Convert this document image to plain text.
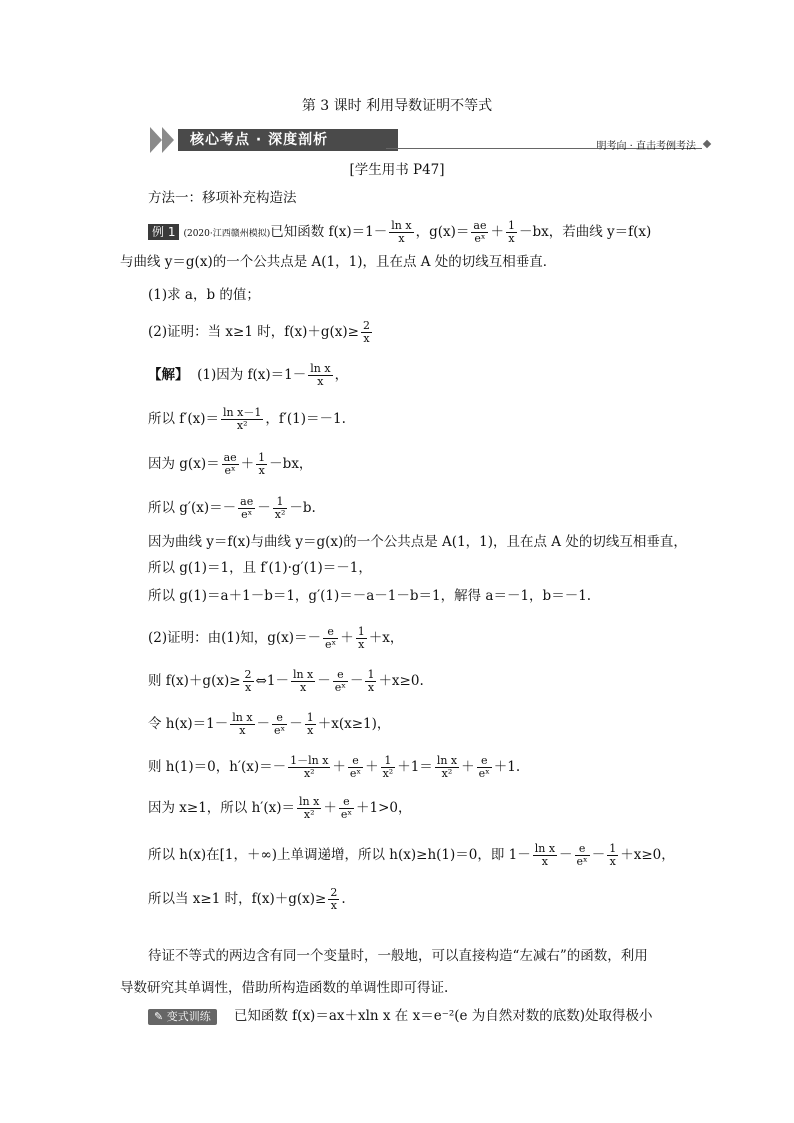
第 3 课时 利用导数证明不等式
核心考点 · 深度剖析	明考向 · 直击考例考法
[学生用书 P47]
方法一：移项补充构造法
例 1 (2020·江西赣州模拟)已知函数 $f(x)=1- \frac{\text{ln x}}{x}$ ，$g(x)= \frac{ae}{\text{eˣ}} + \frac{1}{x} -bx$，若曲线 y＝f(x)
与曲线 y＝g(x)的一个公共点是 A(1，1)，且在点 A 处的切线互相垂直．
(1)求 a，b 的值；
(2)证明：当 x≥1 时，$f(x)+g(x)\ge \frac{2}{x}$
【解】 (1)因为 $f(x)=1- \frac{\text{ln x}}{x}$ ，
所以 $f'(x)= \frac{\text{ln x－1}}{\text{x²}}$ ，f′(1)＝－1.
因为 $g(x)= \frac{ae}{\text{eˣ}} + \frac{1}{x} -bx$，
所以 $g'(x)=- \frac{ae}{\text{eˣ}} - \frac{1}{\text{x²}} -b$.
因为曲线 y＝f(x)与曲线 y＝g(x)的一个公共点是 A(1，1)，且在点 A 处的切线互相垂直，
所以 g(1)＝1，且 f′(1)·g′(1)＝－1，
所以 g(1)＝a＋1－b＝1，g′(1)＝－a－1－b＝1，解得 a＝－1，b＝－1.
(2)证明：由(1)知，$g(x)=- \frac{e}{\text{eˣ}} + \frac{1}{x} +x$，
则 $f(x)+g(x)\ge \frac{2}{x}$ ⇔1－ $\frac{\text{ln x}}{x} - \frac{e}{\text{eˣ}} - \frac{1}{x} +x\ge 0$.
令 $h(x)=1- \frac{\text{ln x}}{x} - \frac{e}{\text{eˣ}} - \frac{1}{x} +x(x\ge 1)$，
则 h(1)＝0，$h'(x)=- \frac{\text{1－ln x}}{\text{x²}} + \frac{e}{\text{eˣ}} + \frac{1}{\text{x²}} +1= \frac{\text{ln x}}{\text{x²}} + \frac{e}{\text{eˣ}} +1$.
因为 x≥1，所以 $h'(x)= \frac{\text{ln x}}{\text{x²}} + \frac{e}{\text{eˣ}} +1>0$，
所以 h(x)在[1，＋∞)上单调递增，所以 h(x)≥h(1)＝0，即 $1- \frac{\text{ln x}}{x} - \frac{e}{\text{eˣ}} - \frac{1}{x} +x\ge 0$，
所以当 x≥1 时，$f(x)+g(x)\ge \frac{2}{x}$ .
待证不等式的两边含有同一个变量时，一般地，可以直接构造“左减右”的函数，利用
导数研究其单调性，借助所构造函数的单调性即可得证.
✎ 变式训练 已知函数 f(x)＝ax＋xln x 在 x＝e⁻²(e 为自然对数的底数)处取得极小
